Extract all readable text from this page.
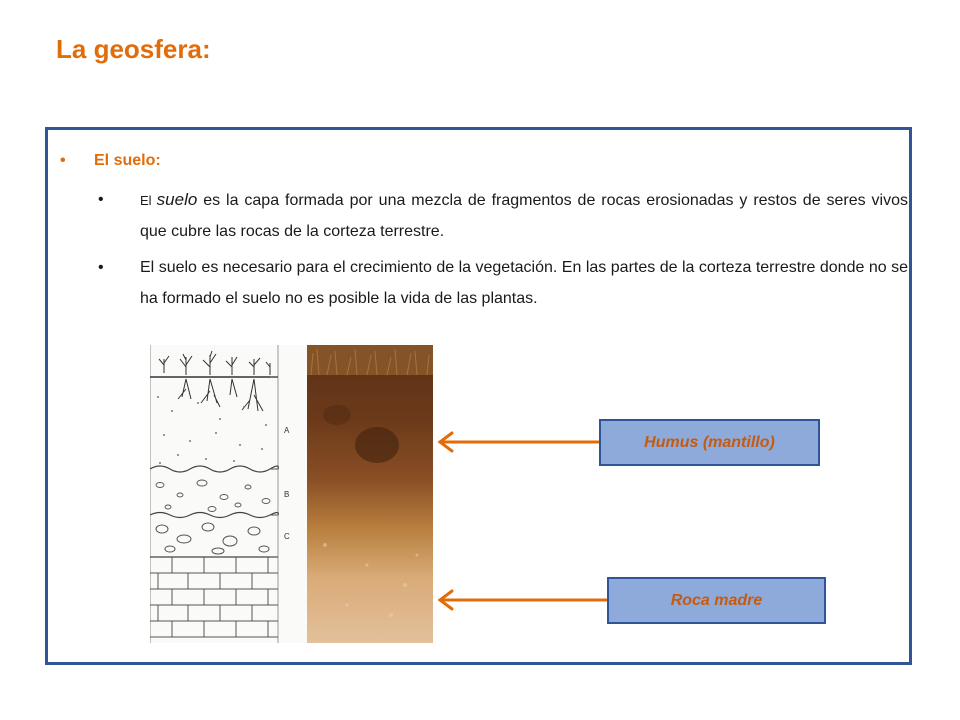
La geosfera:
•	El suelo:
•	El suelo es la capa formada por una mezcla de fragmentos de rocas erosionadas y restos de seres vivos que cubre las rocas de la corteza terrestre.
•	El suelo es necesario para el crecimiento de la vegetación. En las partes de la corteza terrestre donde no se ha formado el suelo no es posible la vida de las plantas.
A
B
C
Humus (mantillo)
Roca madre
